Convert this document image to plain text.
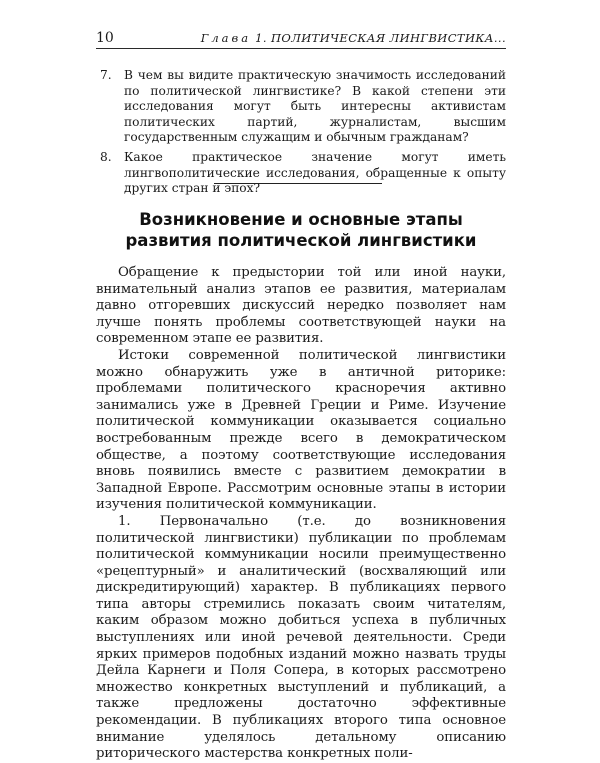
10	Глава 1. ПОЛИТИЧЕСКАЯ ЛИНГВИСТИКА...
7.	В чем вы видите практическую значимость исследований по политической лингвистике? В какой степени эти исследования могут быть интересны активистам политических партий, журналистам, высшим государственным служащим и обычным гражданам?
8.	Какое практическое значение могут иметь лингвополитические исследования, обращенные к опыту других стран и эпох?
Возникновение и основные этапы
развития политической лингвистики

Обращение к предыстории той или иной науки, внимательный анализ этапов ее развития, материалам давно отгоревших дискуссий нередко позволяет нам лучше понять проблемы соответствующей науки на современном этапе ее развития.

Истоки современной политической лингвистики можно обнаружить уже в античной риторике: проблемами политического красноречия активно занимались уже в Древней Греции и Риме. Изучение политической коммуникации оказывается социально востребованным прежде всего в демократическом обществе, а поэтому соответствующие исследования вновь появились вместе с развитием демократии в Западной Европе. Рассмотрим основные этапы в истории изучения политической коммуникации.

1. Первоначально (т.е. до возникновения политической лингвистики) публикации по проблемам политической коммуникации носили преимущественно «рецептурный» и аналитический (восхваляющий или дискредитирующий) характер. В публикациях первого типа авторы стремились показать своим читателям, каким образом можно добиться успеха в публичных выступлениях или иной речевой деятельности. Среди ярких примеров подобных изданий можно назвать труды Дейла Карнеги и Поля Сопера, в которых рассмотрено множество конкретных выступлений и публикаций, а также предложены достаточно эффективные рекомендации. В публикациях второго типа основное внимание уделялось детальному описанию риторического мастерства конкретных поли-
